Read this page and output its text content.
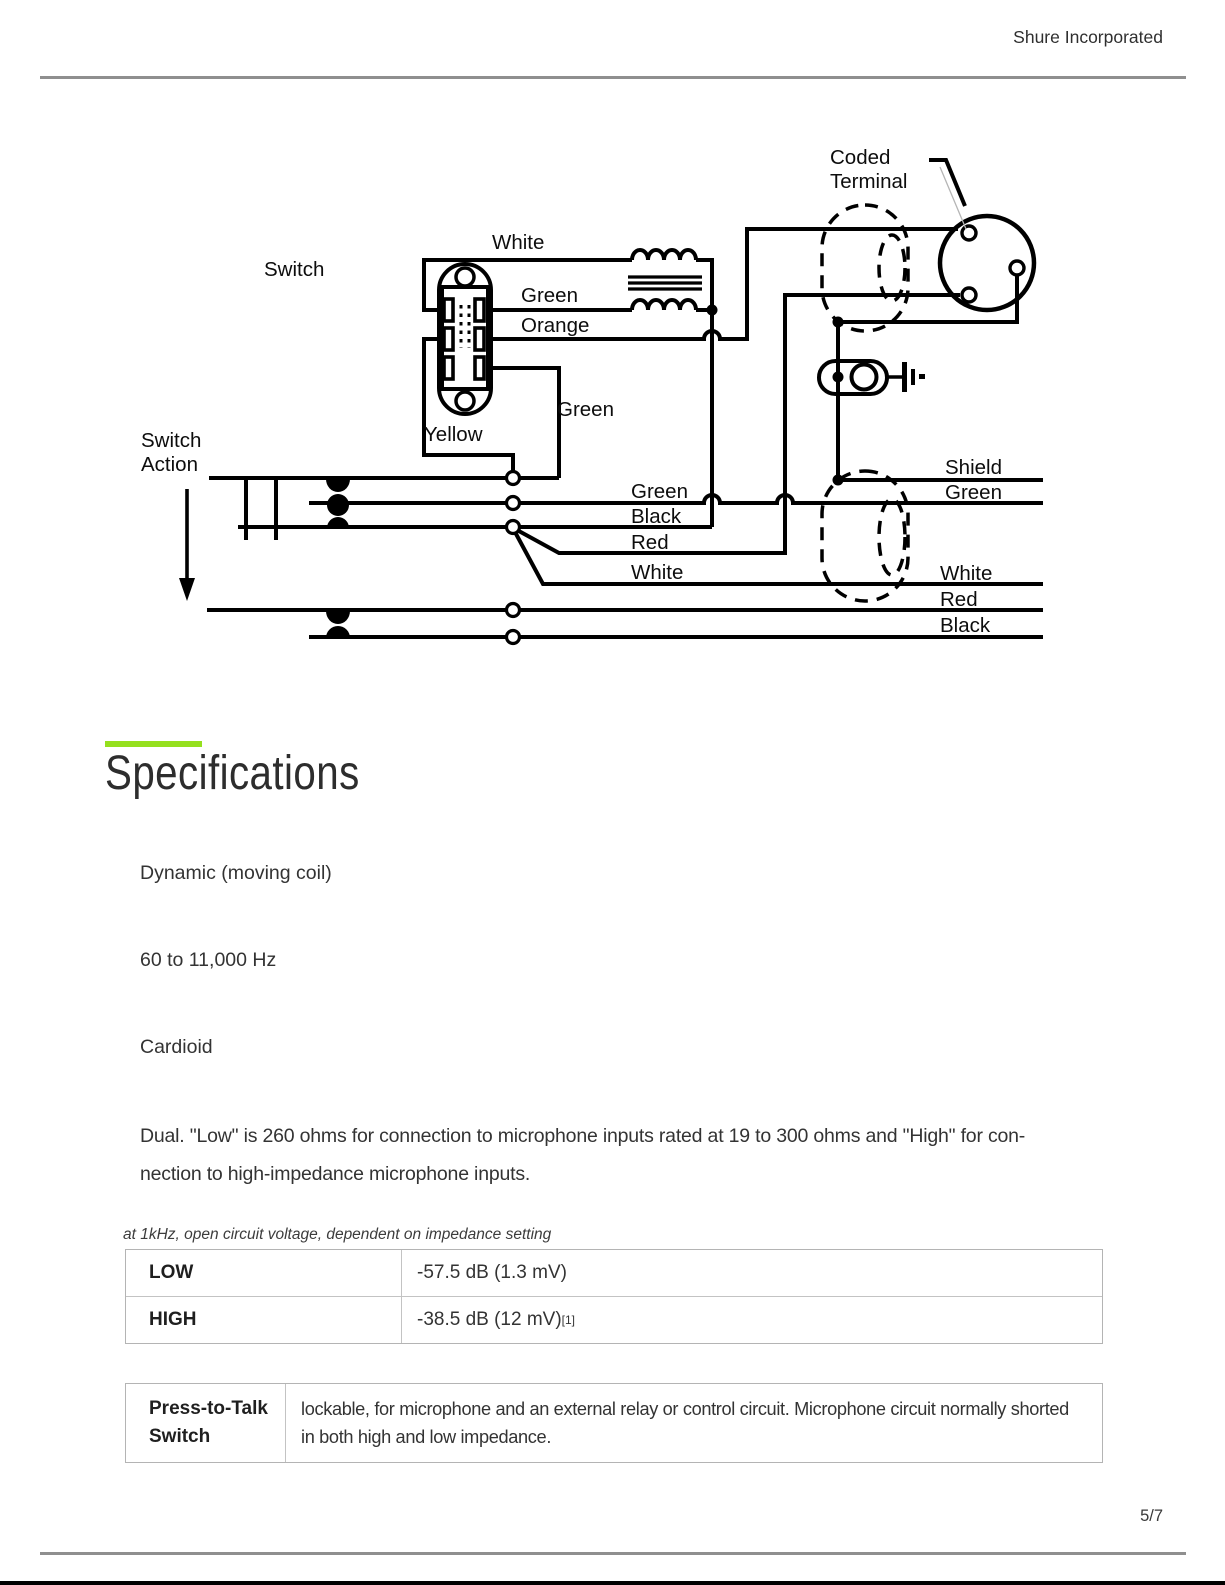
Shure Incorporated
Coded
Terminal
Switch
White
Green
Orange
Yellow
Green
Switch
Action
Green
Black
Red
White
Shield
Green
White
Red
Black
Specifications
Dynamic (moving coil)
60 to 11,000 Hz
Cardioid
Dual. "Low" is 260 ohms for connection to microphone inputs rated at 19 to 300 ohms and "High" for con-
nection to high-impedance microphone inputs.
at 1kHz, open circuit voltage, dependent on impedance setting
LOW	-57.5 dB (1.3 mV)
HIGH	-38.5 dB (12 mV) [1]
Press-to-Talk
Switch
lockable, for microphone and an external relay or control circuit. Microphone circuit normally shorted
in both high and low impedance.
5/7
